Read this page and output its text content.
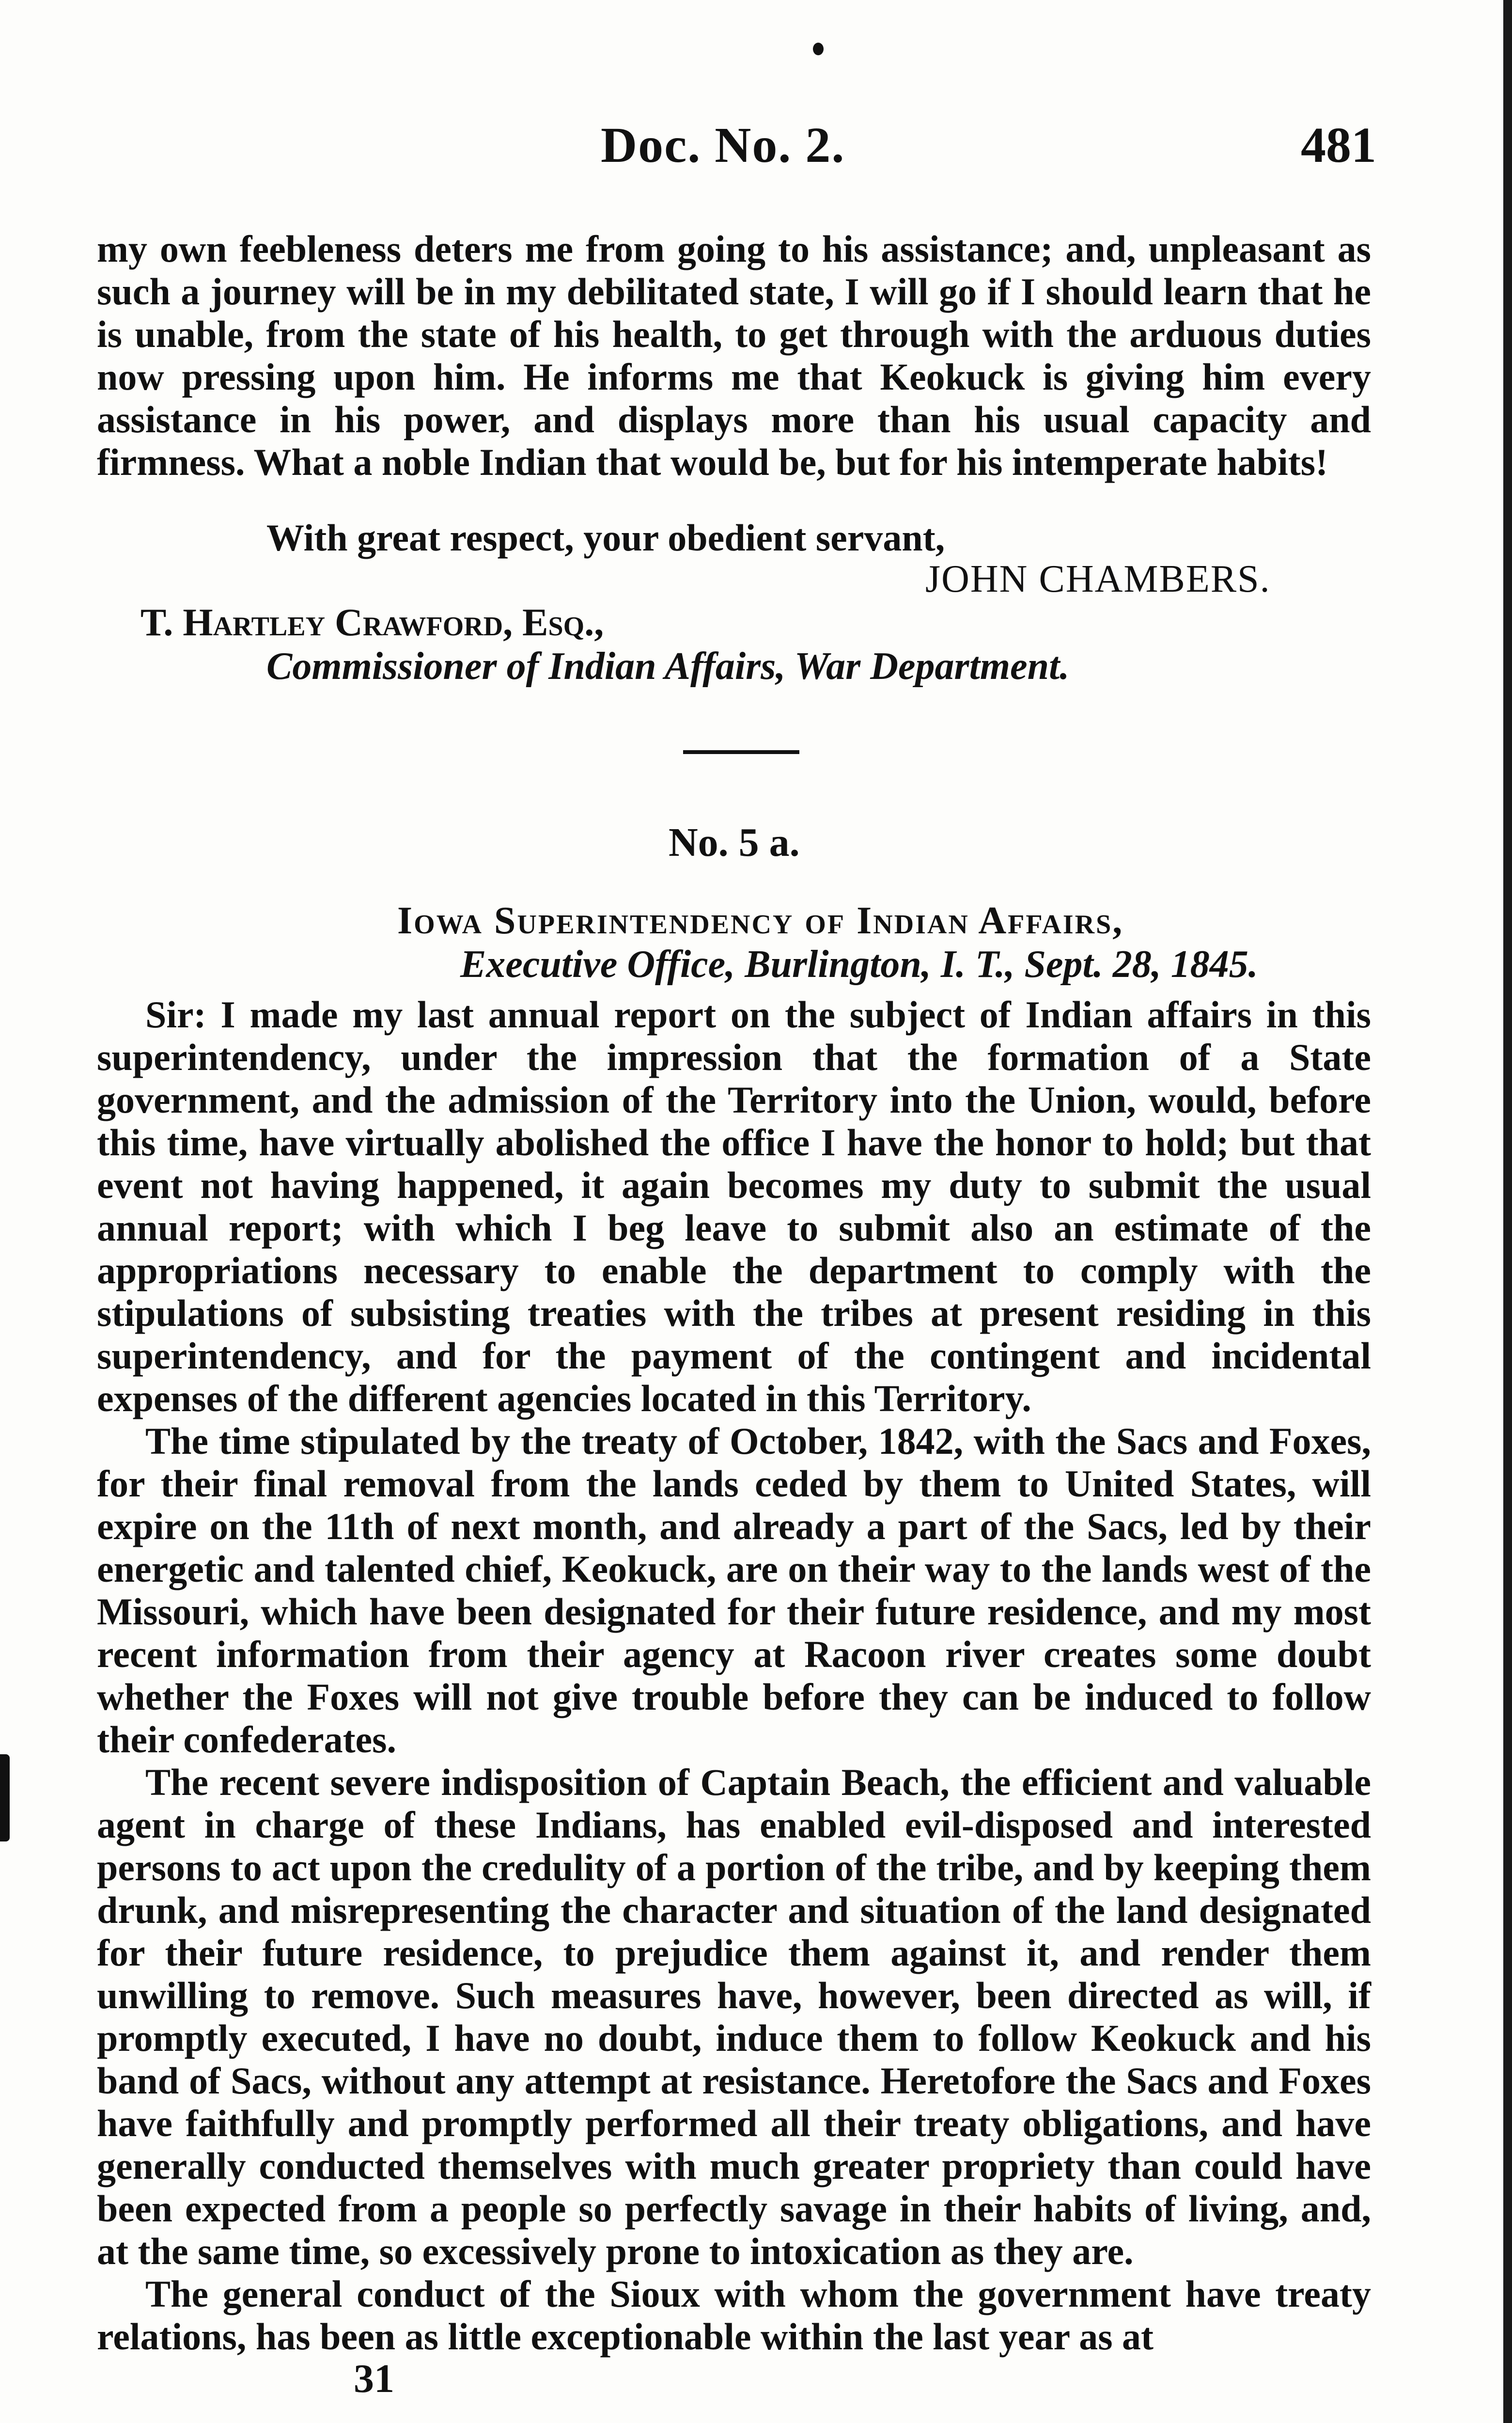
Doc. No. 2.	481

my own feebleness deters me from going to his assistance; and, unpleasant as such a journey will be in my debilitated state, I will go if I should learn that he is unable, from the state of his health, to get through with the arduous duties now pressing upon him. He informs me that Keokuck is giving him every assistance in his power, and displays more than his usual capacity and firmness. What a noble Indian that would be, but for his intemperate habits!

With great respect, your obedient servant,
JOHN CHAMBERS.
T. Hartley Crawford, Esq.,
Commissioner of Indian Affairs, War Department.
No. 5 a.
Iowa Superintendency of Indian Affairs,
Executive Office, Burlington, I. T., Sept. 28, 1845.

Sir: I made my last annual report on the subject of Indian affairs in this superintendency, under the impression that the formation of a State government, and the admission of the Territory into the Union, would, before this time, have virtually abolished the office I have the honor to hold; but that event not having happened, it again becomes my duty to submit the usual annual report; with which I beg leave to submit also an estimate of the appropriations necessary to enable the department to comply with the stipulations of subsisting treaties with the tribes at present residing in this superintendency, and for the payment of the contingent and incidental expenses of the different agencies located in this Territory.

The time stipulated by the treaty of October, 1842, with the Sacs and Foxes, for their final removal from the lands ceded by them to United States, will expire on the 11th of next month, and already a part of the Sacs, led by their energetic and talented chief, Keokuck, are on their way to the lands west of the Missouri, which have been designated for their future residence, and my most recent information from their agency at Racoon river creates some doubt whether the Foxes will not give trouble before they can be induced to follow their confederates.

The recent severe indisposition of Captain Beach, the efficient and valuable agent in charge of these Indians, has enabled evil-disposed and interested persons to act upon the credulity of a portion of the tribe, and by keeping them drunk, and misrepresenting the character and situation of the land designated for their future residence, to prejudice them against it, and render them unwilling to remove. Such measures have, however, been directed as will, if promptly executed, I have no doubt, induce them to follow Keokuck and his band of Sacs, without any attempt at resistance. Heretofore the Sacs and Foxes have faithfully and promptly performed all their treaty obligations, and have generally conducted themselves with much greater propriety than could have been expected from a people so perfectly savage in their habits of living, and, at the same time, so excessively prone to intoxication as they are.

The general conduct of the Sioux with whom the government have treaty relations, has been as little exceptionable within the last year as at

31
